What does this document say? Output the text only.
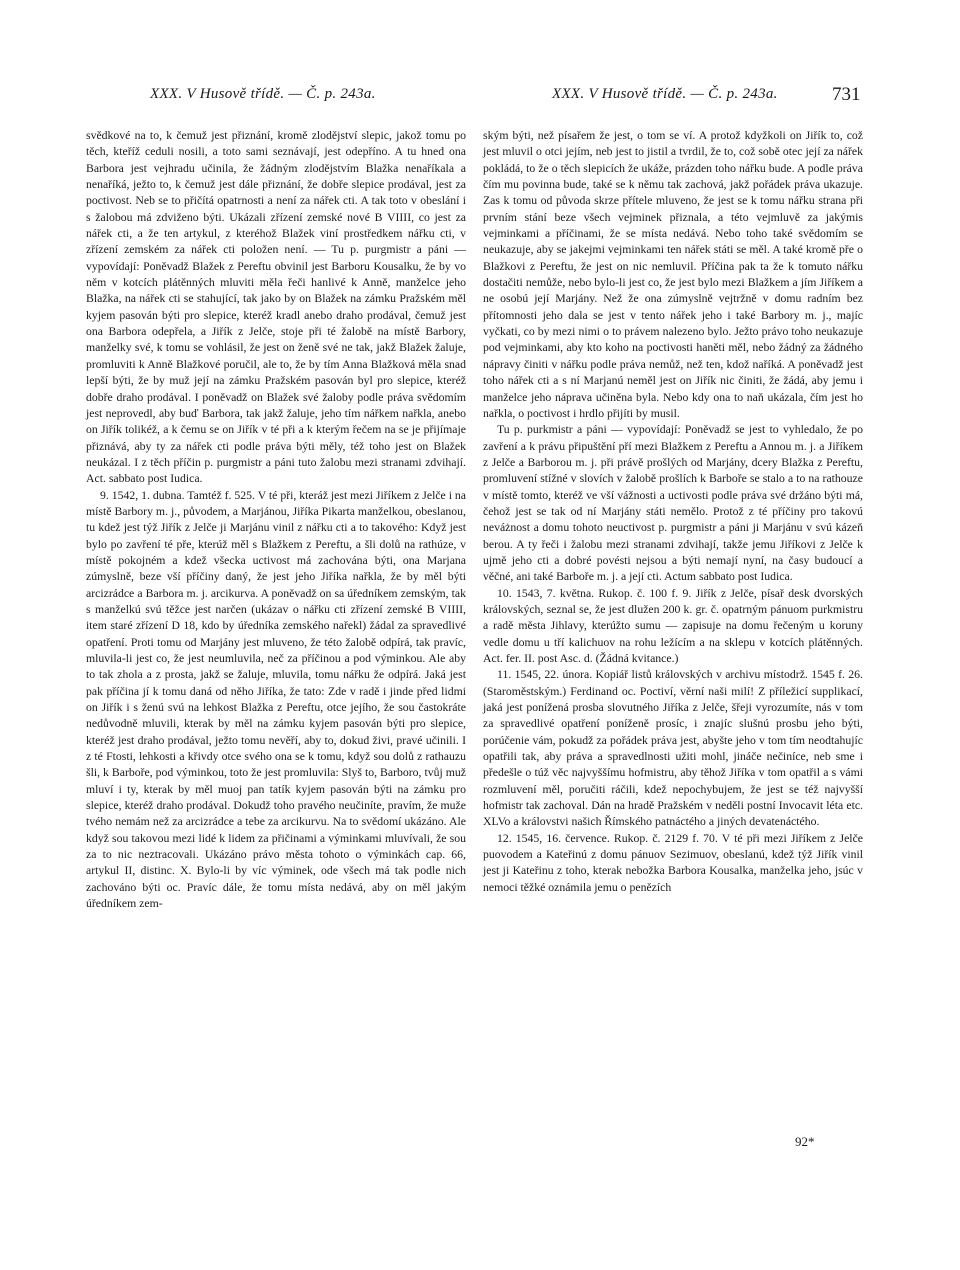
XXX. V Husově třídě. — Č. p. 243a.	XXX. V Husově třídě. — Č. p. 243a.	731

svědkové na to, k čemuž jest přiznání, kromě zlodějství slepic, jakož tomu po těch, kteříž ceduli nosili, a toto sami seznávají, jest odepříno. A tu hned ona Barbora jest vejhradu učinila, že žádným zlodějstvím Blažka nenaříkala a nenaříká, ježto to, k čemuž jest dále přiznání, že dobře slepice prodával, jest za poctivost. Neb se to přičítá opatrnosti a není za nářek cti. A tak toto v obeslání i s žalobou má zdviženo býti. Ukázali zřízení zemské nové B VIIII, co jest za nářek cti, a že ten artykul, z kteréhož Blažek viní prostředkem nářku cti, v zřízení zemském za nářek cti položen není. — Tu p. purgmistr a páni — vypovídají: Poněvadž Blažek z Pereftu obvinil jest Barboru Kousalku, že by vo něm v kotcích plátěnných mluviti měla řeči hanlivé k Anně, manželce jeho Blažka, na nářek cti se stahující, tak jako by on Blažek na zámku Pražském měl kyjem pasován býti pro slepice, kteréž kradl anebo draho prodával, čemuž jest ona Barbora odepřela, a Jiřík z Jelče, stoje při té žalobě na místě Barbory, manželky své, k tomu se vohlásil, že jest on ženě své ne tak, jakž Blažek žaluje, promluviti k Anně Blažkové poručil, ale to, že by tím Anna Blažková měla snad lepší býti, že by muž její na zámku Pražském pasován byl pro slepice, kteréž dobře draho prodával. I poněvadž on Blažek své žaloby podle práva svědomím jest neprovedl, aby buď Barbora, tak jakž žaluje, jeho tím nářkem nařkla, anebo on Jiřík tolikéž, a k čemu se on Jiřík v té při a k kterým řečem na se je přijímaje přiznává, aby ty za nářek cti podle práva býti měly, též toho jest on Blažek neukázal. I z těch příčin p. purgmistr a páni tuto žalobu mezi stranami zdvihají. Act. sabbato post Iudica.

9. 1542, 1. dubna. Tamtéž f. 525. V té při, kteráž jest mezi Jiříkem z Jelče i na místě Barbory m. j., původem, a Marjánou, Jiříka Pikarta manželkou, obeslanou, tu kdež jest týž Jiřík z Jelče ji Marjánu vinil z nářku cti a to takového: Když jest bylo po zavření té pře, kterúž měl s Blažkem z Pereftu, a šli dolů na rathúze, v místě pokojném a kdež všecka uctivost má zachována býti, ona Marjana zúmyslně, beze vší příčiny daný, že jest jeho Jiříka nařkla, že by měl býti arcizrádce a Barbora m. j. arcikurva. A poněvadž on sa úředníkem zemským, tak s manželkú svú těžce jest narčen (ukázav o nářku cti zřízení zemské B VIIII, item staré zřízení D 18, kdo by úředníka zemského nařekl) žádal za spravedlivé opatření. Proti tomu od Marjány jest mluveno, že této žalobě odpírá, tak pravíc, mluvila-li jest co, že jest neumluvila, neč za příčinou a pod výminkou. Ale aby to tak zhola a z prosta, jakž se žaluje, mluvila, tomu nářku že odpírá. Jaká jest pak příčina jí k tomu daná od něho Jiříka, že tato: Zde v radě i jinde před lidmi on Jiřík i s ženú svú na lehkost Blažka z Pereftu, otce jejího, že sou častokráte nedůvodně mluvili, kterak by měl na zámku kyjem pasován býti pro slepice, kteréž jest draho prodával, ježto tomu nevěří, aby to, dokud živi, pravé učinili. I z té Ftosti, lehkosti a křivdy otce svého ona se k tomu, když sou dolů z rathauzu šli, k Barboře, pod výminkou, toto že jest promluvila: Slyš to, Barboro, tvůj muž mluví i ty, kterak by měl muoj pan tatík kyjem pasován býti na zámku pro slepice, kteréž draho prodával. Dokudž toho pravého neučiníte, pravím, že muže tvého nemám než za arcizrádce a tebe za arcikurvu. Na to svědomí ukázáno. Ale když sou takovou mezi lidé k lidem za přičinami a výminkami mluvívali, že sou za to nic neztracovali. Ukázáno právo města tohoto o výminkách cap. 66, artykul II, distinc. X. Bylo-li by víc výminek, ode všech má tak podle nich zachováno býti oc. Pravíc dále, že tomu místa nedává, aby on měl jakým úředníkem zem-

ským býti, než písařem že jest, o tom se ví. A protož kdyžkoli on Jiřík to, což jest mluvil o otci jejím, neb jest to jistil a tvrdil, že to, což sobě otec její za nářek pokládá, to že o těch slepicích že ukáže, prázden toho nářku bude. A podle práva čím mu povinna bude, také se k němu tak zachová, jakž pořádek práva ukazuje. Zas k tomu od původa skrze přítele mluveno, že jest se k tomu nářku strana při prvním stání beze všech vejminek přiznala, a této vejmluvě za jakýmis vejminkami a příčinami, že se místa nedává. Nebo toho také svědomím se neukazuje, aby se jakejmi vejminkami ten nářek státi se měl. A také kromě pře o Blažkovi z Pereftu, že jest on nic nemluvil. Příčina pak ta že k tomuto nářku dostačiti nemůže, nebo bylo-li jest co, že jest bylo mezi Blažkem a jím Jiříkem a ne osobú její Marjány. Než že ona zúmyslně vejtržně v domu radním bez přítomnosti jeho dala se jest v tento nářek jeho i také Barbory m. j., majíc vyčkati, co by mezi nimi o to právem nalezeno bylo. Ježto právo toho neukazuje pod vejminkami, aby kto koho na poctivosti haněti měl, nebo žádný za žádného nápravy činiti v nářku podle práva nemůž, než ten, kdož naříká. A poněvadž jest toho nářek cti a s ní Marjanú neměl jest on Jiřík nic činiti, že žádá, aby jemu i manželce jeho náprava učiněna byla. Nebo kdy ona to naň ukázala, čím jest ho nařkla, o poctivost i hrdlo přijíti by musil.

Tu p. purkmistr a páni — vypovídají: Poněvadž se jest to vyhledalo, že po zavření a k právu připuštění pří mezi Blažkem z Pereftu a Annou m. j. a Jiříkem z Jelče a Barborou m. j. při právě prošlých od Marjány, dcery Blažka z Pereftu, promluvení stížné v slovích v žalobě prošlích k Barboře se stalo a to na rathouze v místě tomto, kteréž ve vší vážnosti a uctivosti podle práva své držáno býti má, čehož jest se tak od ní Marjány státi nemělo. Protož z té příčiny pro takovú neváżnost a domu tohoto neuctivost p. purgmistr a páni ji Marjánu v svú kázeň berou. A ty řeči i žalobu mezi stranami zdvihají, takže jemu Jiříkovi z Jelče k ujmě jeho cti a dobré povésti nejsou a býti nemají nyní, na časy budoucí a věčné, ani také Barboře m. j. a její cti. Actum sabbato post Iudica.

10. 1543, 7. května. Rukop. č. 100 f. 9. Jiřík z Jelče, písař desk dvorských královských, seznal se, že jest dlužen 200 k. gr. č. opatrným pánuom purkmistru a radě města Jihlavy, kterúžto sumu — zapisuje na domu řečeným u koruny vedle domu u tří kalichuov na rohu ležícím a na sklepu v kotcích plátěnných. Act. fer. II. post Asc. d. (Žádná kvitance.)

11. 1545, 22. února. Kopiář listů královských v archivu místodrž. 1545 f. 26. (Staroměstským.) Ferdinand oc. Poctiví, věrní naši milí! Z příležicí supplikací, jaká jest ponížená prosba slovutného Jiříka z Jelče, šřeji vyrozumíte, nás v tom za spravedlivé opatření poníženě prosíc, i znajíc slušnú prosbu jeho býti, porúčenie vám, pokudž za pořádek práva jest, abyšte jeho v tom tím neodtahujíc opatřili tak, aby práva a spravedlnosti užiti mohl, jináče nečiníce, neb sme i předešle o túž věc najvyššímu hofmistru, aby těhož Jiříka v tom opatřil a s vámi rozmluvení měl, poručiti ráčili, kdež nepochybujem, že jest se též najvyšší hofmistr tak zachoval. Dán na hradě Pražském v neděli postní Invocavit léta etc. XLVo a královstvi našich Římského patnáctého a jiných devatenáctého.

12. 1545, 16. července. Rukop. č. 2129 f. 70. V té při mezi Jiříkem z Jelče puovodem a Kateřinú z domu pánuov Sezimuov, obeslanú, kdež týž Jiřík vinil jest ji Kateřinu z toho, kterak nebožka Barbora Kousalka, manželka jeho, jsúc v nemoci těžké oznámila jemu o penězích

92*
